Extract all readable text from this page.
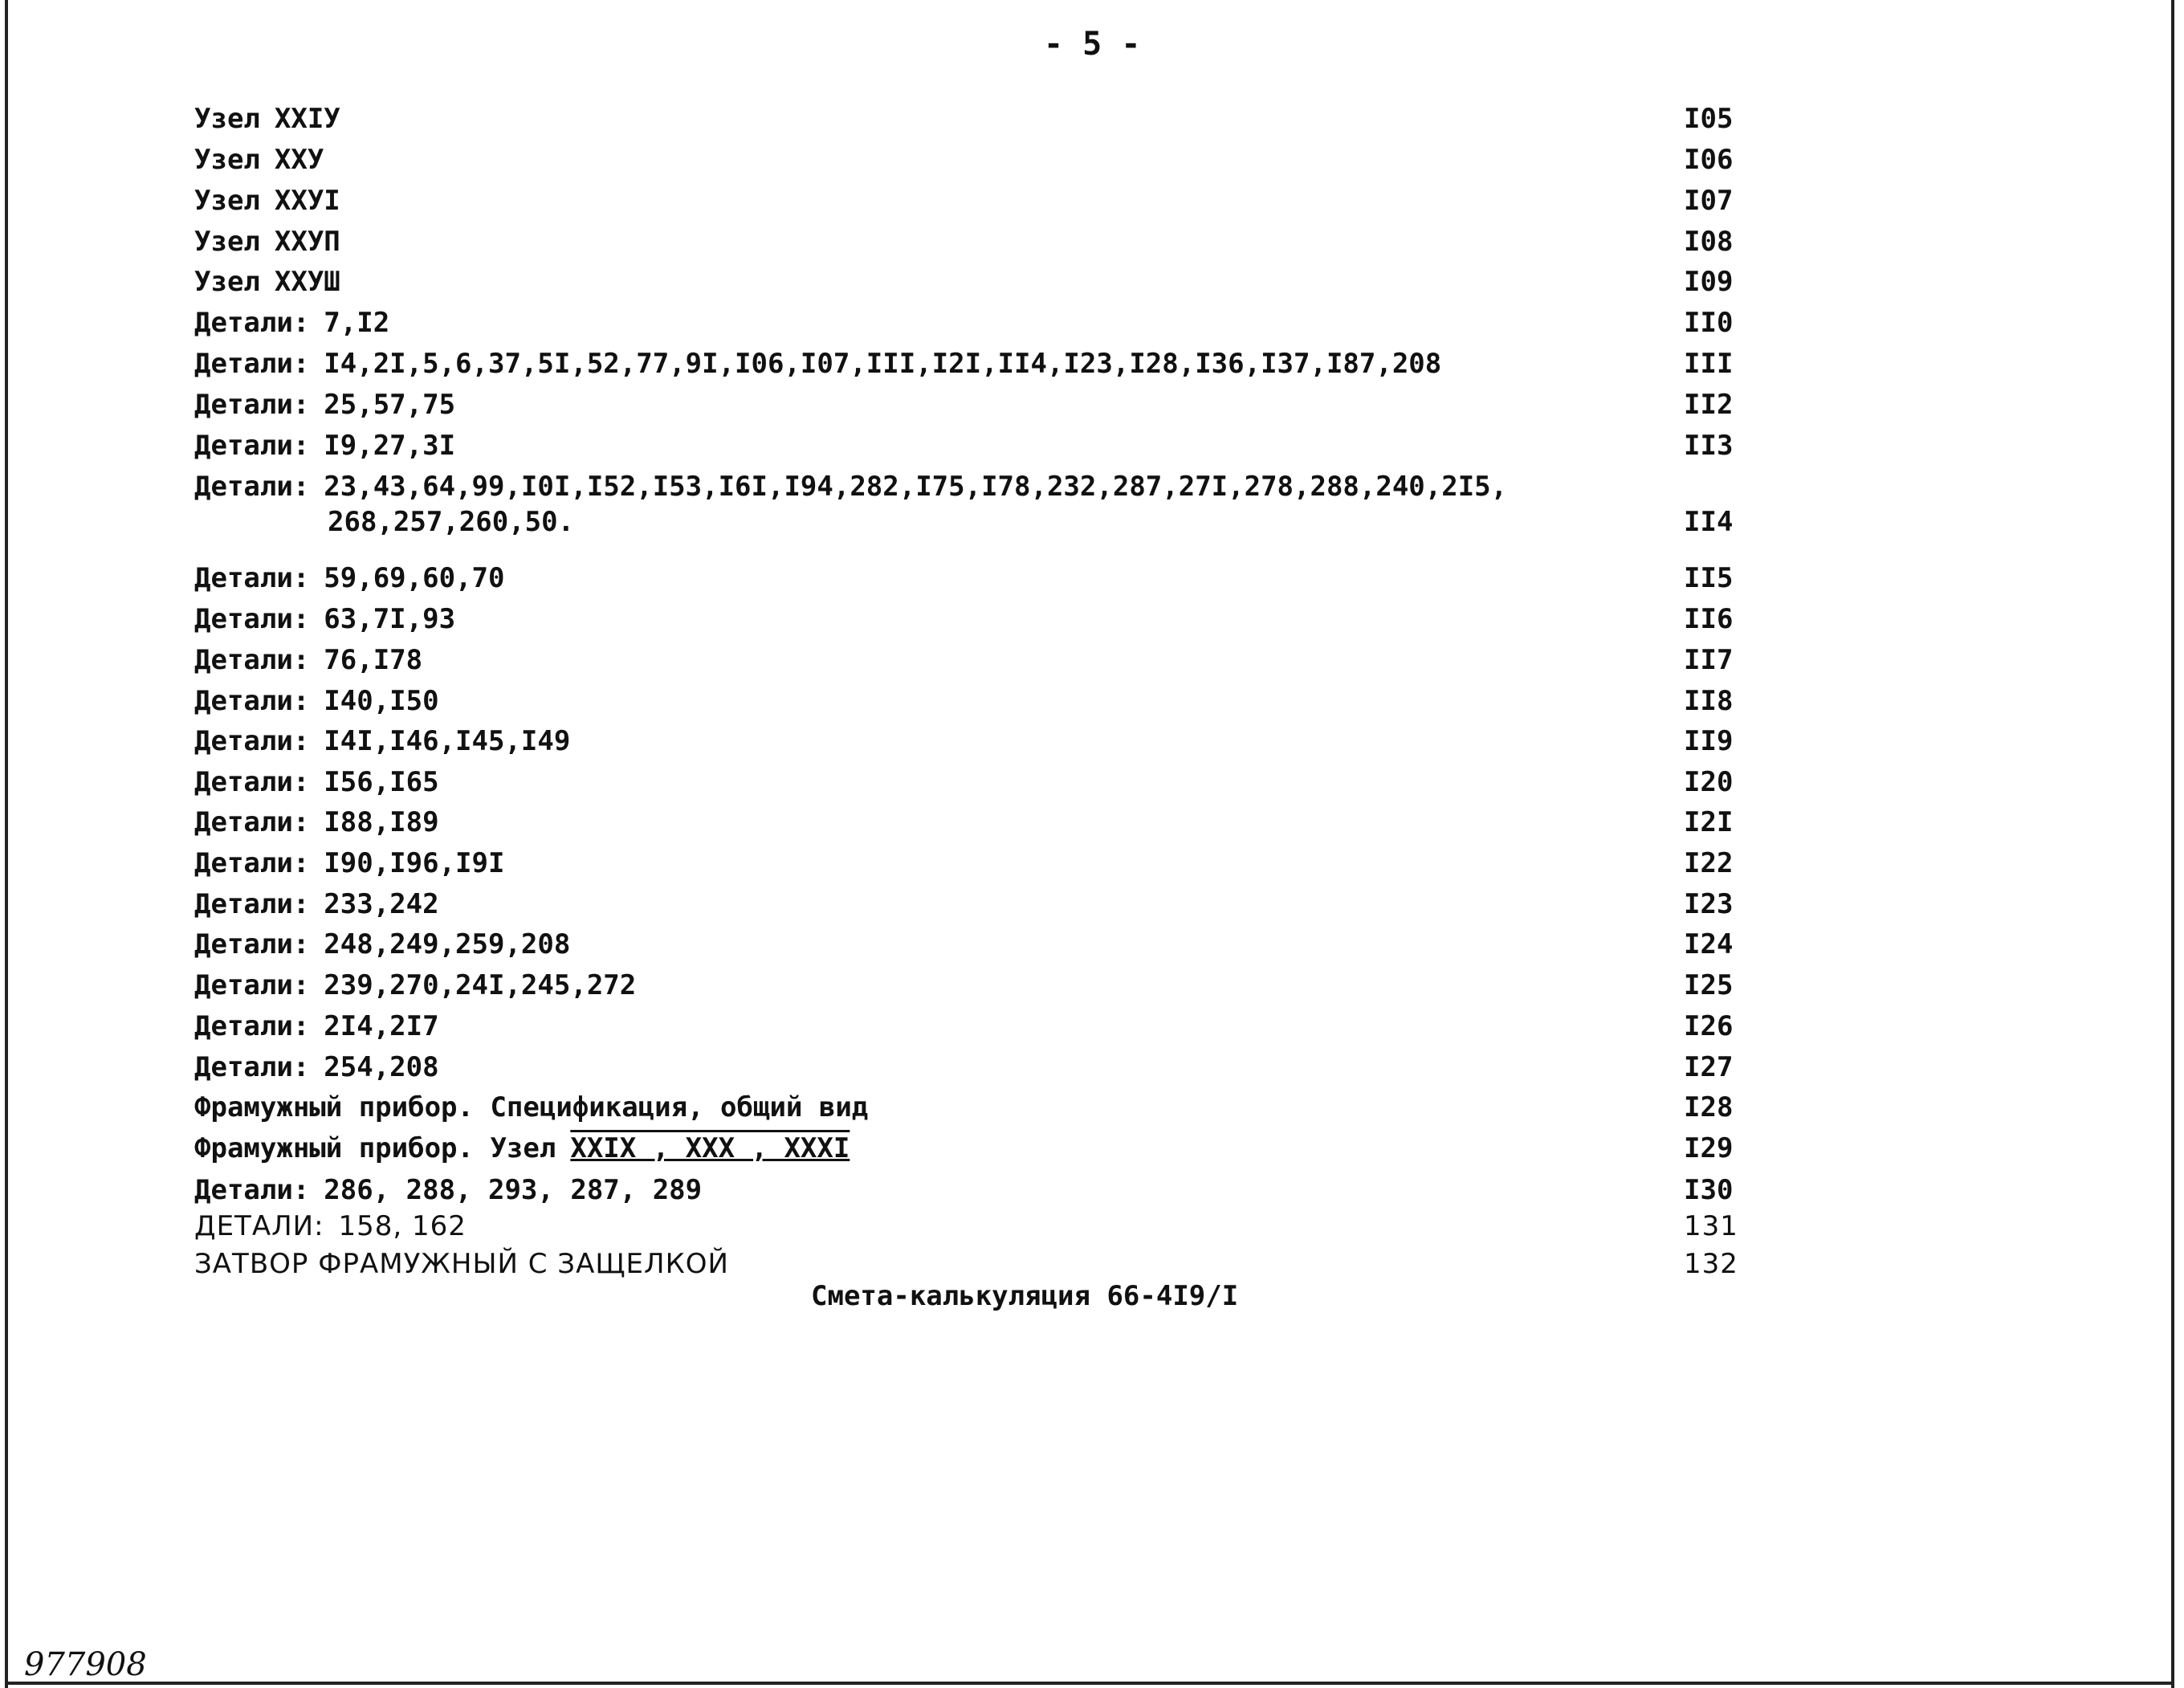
- 5 -
Узел XXIУ	I05
Узел XXУ	I06
Узел XXУI	I07
Узел XXУП	I08
Узел XXУШ	I09
Детали: 7,I2	II0
Детали: I4,2I,5,6,37,5I,52,77,9I,I06,I07,III,I2I,II4,I23,I28,I36,I37,I87,208	III
Детали: 25,57,75	II2
Детали: I9,27,3I	II3
Детали: 23,43,64,99,I0I,I52,I53,I6I,I94,282,I75,I78,232,287,27I,278,288,240,2I5,
268,257,260,50.	II4
Детали: 59,69,60,70	II5
Детали: 63,7I,93	II6
Детали: 76,I78	II7
Детали: I40,I50	II8
Детали: I4I,I46,I45,I49	II9
Детали: I56,I65	I20
Детали: I88,I89	I2I
Детали: I90,I96,I9I	I22
Детали: 233,242	I23
Детали: 248,249,259,208	I24
Детали: 239,270,24I,245,272	I25
Детали: 2I4,2I7	I26
Детали: 254,208	I27
Фрамужный прибор. Спецификация, общий вид	I28
Фрамужный прибор. Узел XXIX , XXX , XXXI	I29
Детали: 286, 288, 293, 287, 289	I30
ДЕТАЛИ: 158, 162	131
ЗАТВОР ФРАМУЖНЫЙ С ЗАЩЕЛКОЙ	132
Смета-калькуляция 66-4I9/I
977908
